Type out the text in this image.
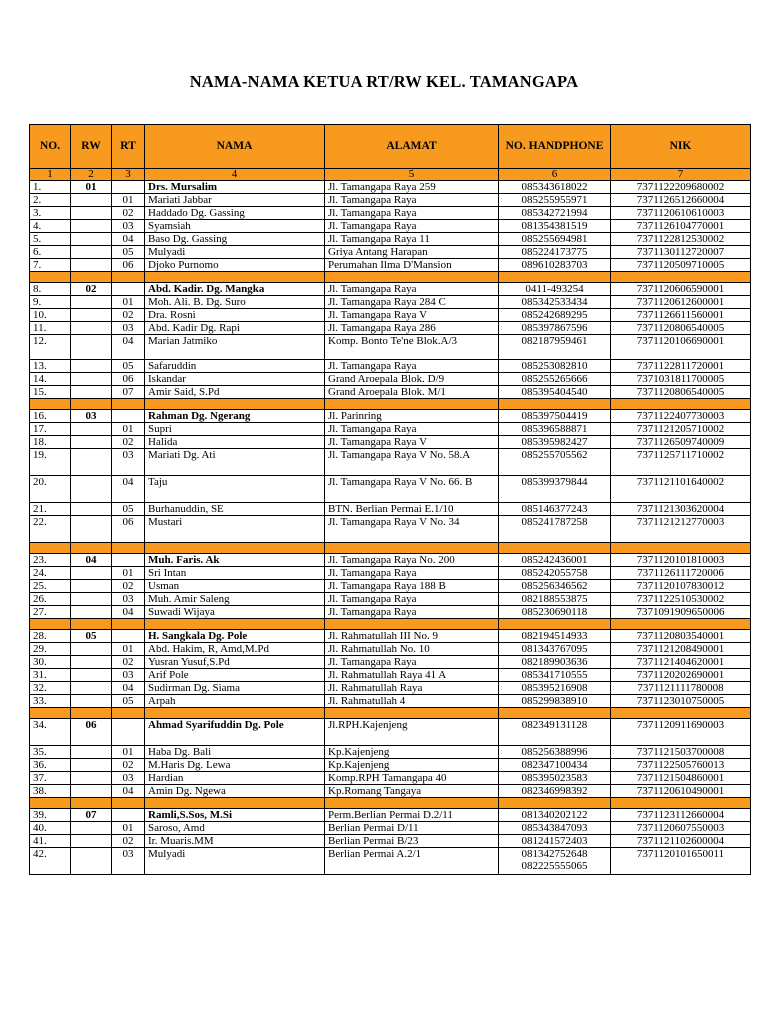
NAMA-NAMA KETUA RT/RW KEL. TAMANGAPA
NO.	RW	RT	NAMA	ALAMAT	NO. HANDPHONE	NIK
1	2	3	4	5	6	7
1.	01		Drs. Mursalim	Jl. Tamangapa Raya 259	085343618022	7371122209680002
2.		01	Mariati Jabbar	Jl. Tamangapa Raya	085255955971	7371126512660004
3.		02	Haddado Dg. Gassing	Jl. Tamangapa Raya	085342721994	7371120610610003
4.		03	Syamsiah	Jl. Tamangapa Raya	081354381519	7371126104770001
5.		04	Baso Dg. Gassing	Jl. Tamangapa Raya 11	085255694981	7371122812530002
6.		05	Mulyadi	Griya Antang Harapan	085224173775	7371130112720007
7.		06	Djoko Purnomo	Perumahan Ilma D'Mansion	089610283703	7371120509710005

8.	02		Abd. Kadir. Dg. Mangka	Jl. Tamangapa Raya	0411-493254	7371120606590001
9.		01	Moh. Ali. B. Dg. Suro	Jl. Tamangapa Raya 284 C	085342533434	7371120612600001
10.		02	Dra. Rosni	Jl. Tamangapa Raya V	085242689295	7371126611560001
11.		03	Abd. Kadir Dg. Rapi	Jl. Tamangapa Raya 286	085397867596	7371120806540005
12.		04	Marian Jatmiko	Komp. Bonto Te'ne Blok.A/3	082187959461	7371120106690001
13.		05	Safaruddin	Jl. Tamangapa Raya	085253082810	7371122811720001
14.		06	Iskandar	Grand Aroepala Blok. D/9	085255265666	7371031811700005
15.		07	Amir Said, S.Pd	Grand Aroepala Blok. M/1	085395404540	7371120806540005

16.	03		Rahman Dg. Ngerang	Jl. Parinring	085397504419	7371122407730003
17.		01	Supri	Jl. Tamangapa Raya	085396588871	7371121205710002
18.		02	Halida	Jl. Tamangapa Raya V	085395982427	7371126509740009
19.		03	Mariati Dg. Ati	Jl. Tamangapa Raya V No. 58.A	085255705562	7371125711710002
20.		04	Taju	Jl. Tamangapa Raya V No. 66. B	085399379844	7371121101640002
21.		05	Burhanuddin, SE	BTN. Berlian Permai E.1/10	085146377243	7371121303620004
22.		06	Mustari	Jl. Tamangapa Raya V No. 34	085241787258	7371121212770003

23.	04		Muh. Faris. Ak	Jl. Tamangapa Raya No. 200	085242436001	7371120101810003
24.		01	Sri Intan	Jl. Tamangapa Raya	085242055758	7371126111720006
25.		02	Usman	Jl. Tamangapa Raya 188 B	085256346562	7371120107830012
26.		03	Muh. Amir Saleng	Jl. Tamangapa Raya	082188553875	7371122510530002
27.		04	Suwadi Wijaya	Jl. Tamangapa Raya	085230690118	7371091909650006

28.	05		H. Sangkala Dg. Pole	Jl. Rahmatullah III No. 9	082194514933	7371120803540001
29.		01	Abd. Hakim, R, Amd,M.Pd	Jl. Rahmatullah No. 10	081343767095	7371121208490001
30.		02	Yusran Yusuf,S.Pd	Jl. Tamangapa Raya	082189903636	7371121404620001
31.		03	Arif Pole	Jl. Rahmatullah Raya 41 A	085341710555	7371120202690001
32.		04	Sudirman Dg. Siama	Jl. Rahmatullah Raya	085395216908	7371121111780008
33.		05	Arpah	Jl. Rahmatullah 4	085299838910	7371123010750005

34.	06		Ahmad Syarifuddin Dg. Pole	Jl.RPH.Kajenjeng	082349131128	7371120911690003
35.		01	Haba Dg. Bali	Kp.Kajenjeng	085256388996	7371121503700008
36.		02	M.Haris Dg. Lewa	Kp.Kajenjeng	082347100434	7371122505760013
37.		03	Hardian	Komp.RPH Tamangapa 40	085395023583	7371121504860001
38.		04	Amin Dg. Ngewa	Kp.Romang Tangaya	082346998392	7371120610490001

39.	07		Ramli,S.Sos, M.Si	Perm.Berlian Permai D.2/11	081340202122	7371123112660004
40.		01	Saroso, Amd	Berlian Permai D/11	085343847093	7371120607550003
41.		02	Ir. Muaris.MM	Berlian Permai B/23	081241572403	7371121102600004
42.		03	Mulyadi	Berlian Permai A.2/1	081342752648 082225555065	7371120101650011
